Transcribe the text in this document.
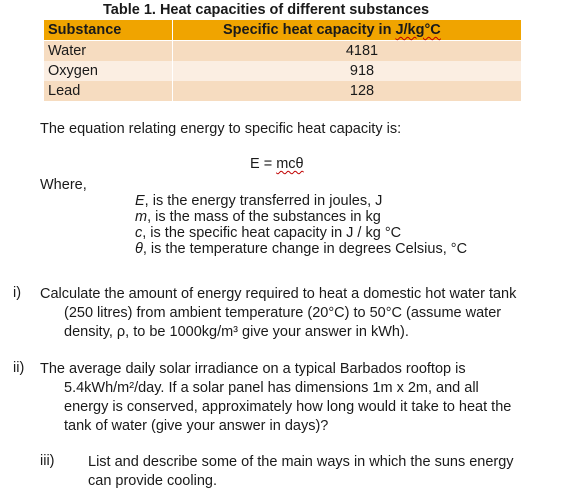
Table 1. Heat capacities of different substances
Substance	Specific heat capacity in J/kg°C
Water	4181
Oxygen	918
Lead	128
The equation relating energy to specific heat capacity is:
E = mcθ
Where,
E, is the energy transferred in joules, J
m, is the mass of the substances in kg
c, is the specific heat capacity in J / kg °C
θ, is the temperature change in degrees Celsius, °C
i) Calculate the amount of energy required to heat a domestic hot water tank
(250 litres) from ambient temperature (20°C) to 50°C (assume water
density, ρ, to be 1000kg/m³ give your answer in kWh).
ii) The average daily solar irradiance on a typical Barbados rooftop is
5.4kWh/m²/day. If a solar panel has dimensions 1m x 2m, and all
energy is conserved, approximately how long would it take to heat the
tank of water (give your answer in days)?
iii) List and describe some of the main ways in which the suns energy
can provide cooling.
